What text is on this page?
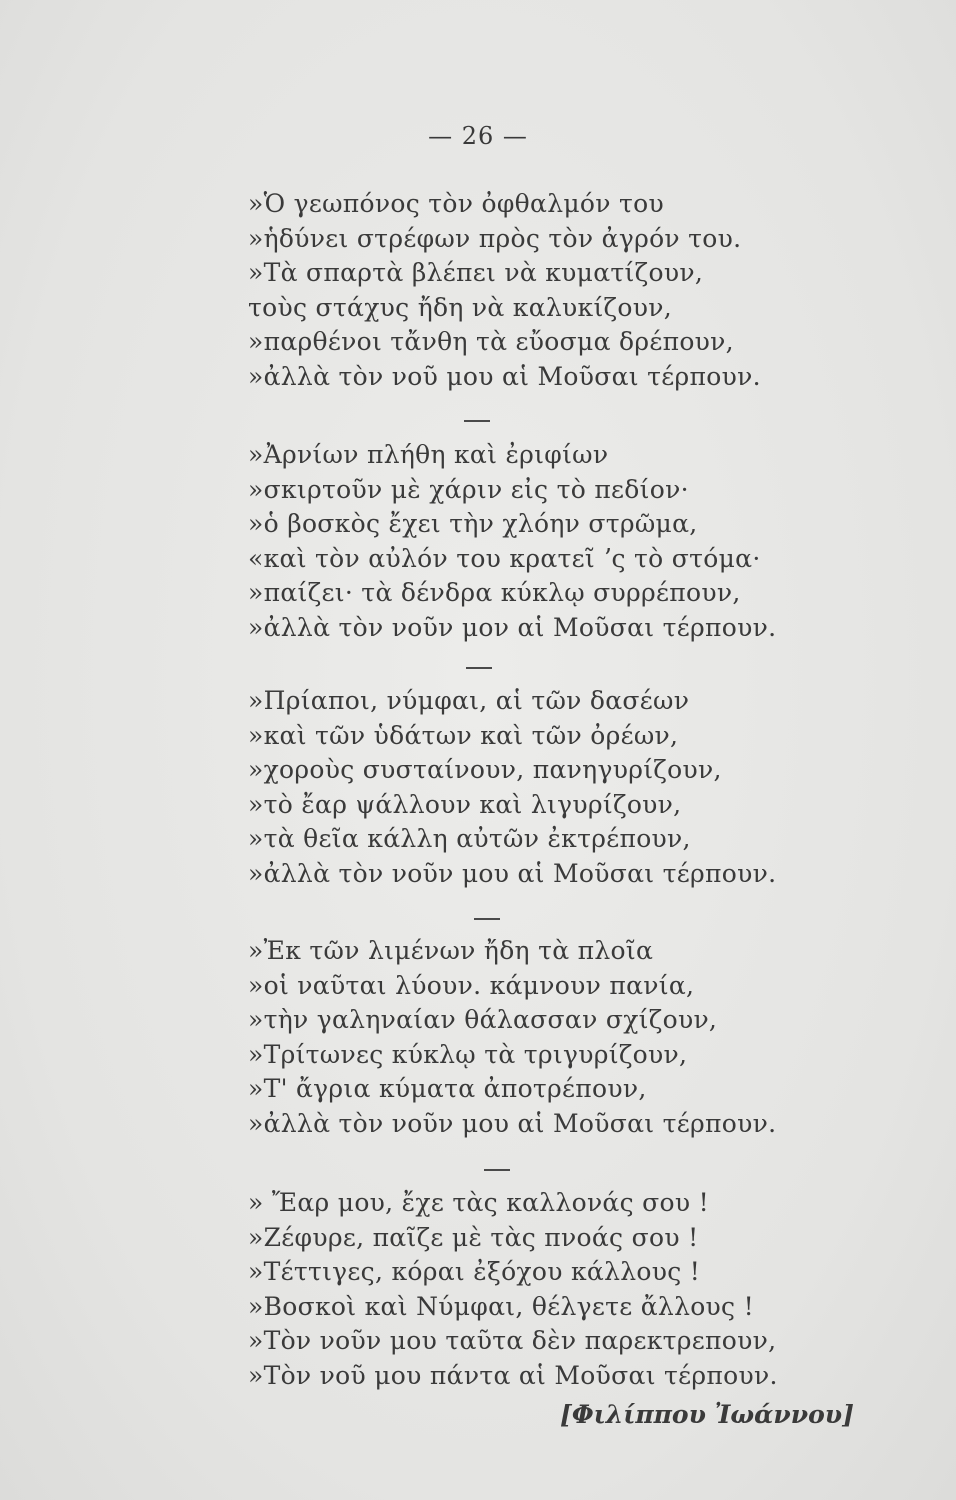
— 26 —
»Ὁ γεωπόνος τὸν ὀφθαλμόν του
»ἡδύνει στρέφων πρὸς τὸν ἀγρόν του.
»Τὰ σπαρτὰ βλέπει νὰ κυματίζουν,
τοὺς στάχυς ἤδη νὰ καλυκίζουν,
»παρθένοι τἄνθη τὰ εὔοσμα δρέπουν,
»ἀλλὰ τὸν νοῦ μου αἱ Μοῦσαι τέρπουν.
»Ἀρνίων πλήθη καὶ ἐριφίων
»σκιρτοῦν μὲ χάριν εἰς τὸ πεδίον·
»ὁ βοσκὸς ἔχει τὴν χλόην στρῶμα,
«καὶ τὸν αὐλόν του κρατεῖ ʼς τὸ στόμα·
»παίζει· τὰ δένδρα κύκλῳ συρρέπουν,
»ἀλλὰ τὸν νοῦν μον αἱ Μοῦσαι τέρπουν.
»Πρίαποι, νύμφαι, αἱ τῶν δασέων
»καὶ τῶν ὑδάτων καὶ τῶν ὀρέων,
»χοροὺς συσταίνουν, πανηγυρίζουν,
»τὸ ἔαρ ψάλλουν καὶ λιγυρίζουν,
»τὰ θεῖα κάλλη αὐτῶν ἐκτρέπουν,
»ἀλλὰ τὸν νοῦν μου αἱ Μοῦσαι τέρπουν.
»Ἐκ τῶν λιμένων ἤδη τὰ πλοῖα
»οἱ ναῦται λύουν. κάμνουν πανία,
»τὴν γαληναίαν θάλασσαν σχίζουν,
»Τρίτωνες κύκλῳ τὰ τριγυρίζουν,
»Τ' ἄγρια κύματα ἀποτρέπουν,
»ἀλλὰ τὸν νοῦν μου αἱ Μοῦσαι τέρπουν.
» Ἔαρ μου, ἔχε τὰς καλλονάς σου !
»Ζέφυρε, παῖζε μὲ τὰς πνοάς σου !
»Τέττιγες, κόραι ἐξόχου κάλλους !
»Βοσκοὶ καὶ Νύμφαι, θέλγετε ἄλλους !
»Τὸν νοῦν μου ταῦτα δὲν παρεκτρεπουν,
»Τὸν νοῦ μου πάντα αἱ Μοῦσαι τέρπουν.
[Φιλίππου Ἰωάννου]
